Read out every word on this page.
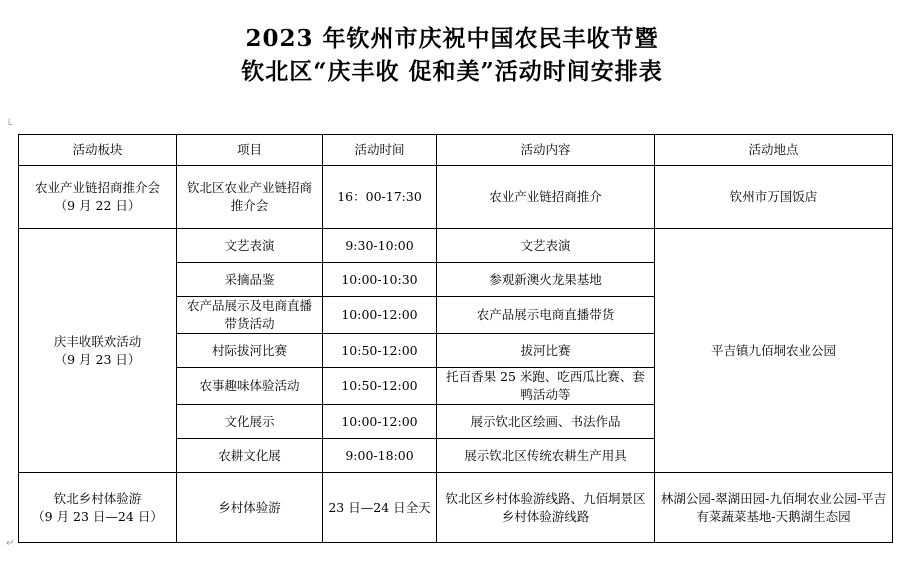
2023 年钦州市庆祝中国农民丰收节暨
钦北区“庆丰收 促和美”活动时间安排表
└
↵
活动板块	项目	活动时间	活动内容	活动地点

农业产业链招商推介会
（9 月 22 日）	钦北区农业产业链招商推介会	16：00-17:30	农业产业链招商推介	钦州市万国饭店

庆丰收联欢活动
（9 月 23 日）	文艺表演	9:30-10:00	文艺表演	平吉镇九佰垌农业公园
	采摘品鉴	10:00-10:30	参观新澳火龙果基地	
	农产品展示及电商直播带货活动	10:00-12:00	农产品展示电商直播带货	
	村际拔河比赛	10:50-12:00	拔河比赛	
	农事趣味体验活动	10:50-12:00	托百香果 25 米跑、吃西瓜比赛、套鸭活动等	
	文化展示	10:00-12:00	展示钦北区绘画、书法作品	
	农耕文化展	9:00-18:00	展示钦北区传统农耕生产用具	

钦北乡村体验游
（9 月 23 日—24 日）	乡村体验游	23 日—24 日全天	钦北区乡村体验游线路、九佰垌景区乡村体验游线路	林湖公园-翠湖田园-九佰垌农业公园-平吉有菜蔬菜基地-天鹅湖生态园
